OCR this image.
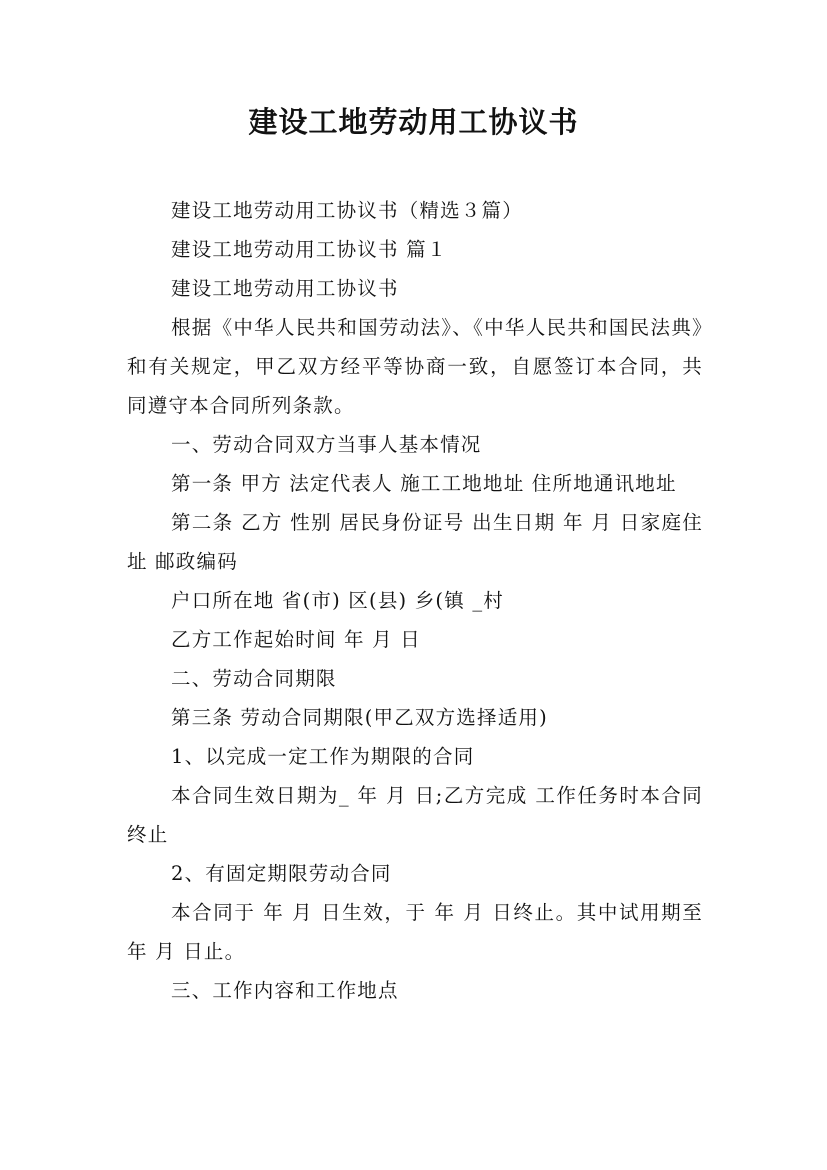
建设工地劳动用工协议书

建设工地劳动用工协议书（精选３篇）

建设工地劳动用工协议书 篇１

建设工地劳动用工协议书

根据《中华人民共和国劳动法》、《中华人民共和国民法典》和有关规定，甲乙双方经平等协商一致，自愿签订本合同，共同遵守本合同所列条款。

一、劳动合同双方当事人基本情况

第一条 甲方 法定代表人 施工工地地址 住所地通讯地址

第二条 乙方 性别 居民身份证号 出生日期 年 月 日家庭住址 邮政编码

户口所在地 省(市) 区(县) 乡(镇 _村

乙方工作起始时间 年 月 日

二、劳动合同期限

第三条 劳动合同期限(甲乙双方选择适用)

1、以完成一定工作为期限的合同

本合同生效日期为_ 年 月 日;乙方完成 工作任务时本合同终止

2、有固定期限劳动合同

本合同于 年 月 日生效，于 年 月 日终止。其中试用期至 年 月 日止。

三、工作内容和工作地点
